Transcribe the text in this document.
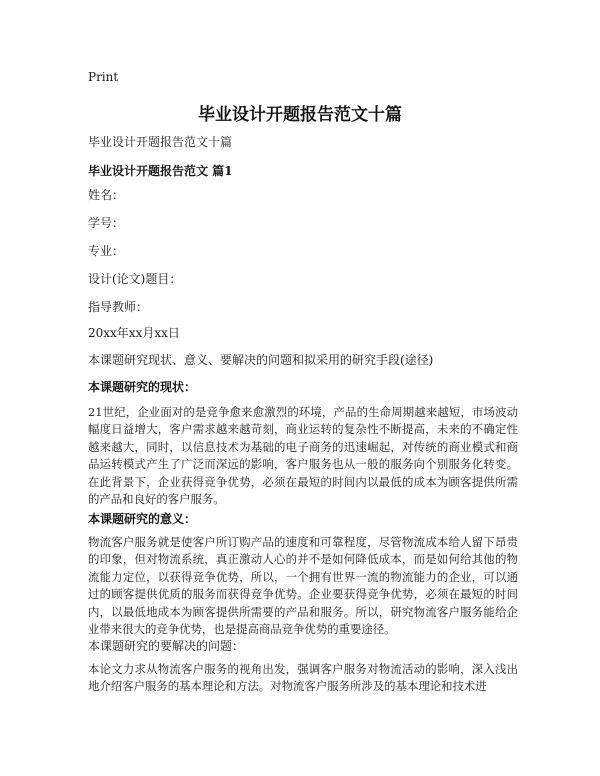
Print
毕业设计开题报告范文十篇
毕业设计开题报告范文十篇
毕业设计开题报告范文 篇1
姓名：
学号：
专业：
设计(论文)题目：
指导教师：
20xx年xx月xx日
本课题研究现状、意义、要解决的问题和拟采用的研究手段(途径)
本课题研究的现状：
21世纪，企业面对的是竞争愈来愈激烈的环境，产品的生命周期越来越短，市场波动幅度日益增大，客户需求越来越苛刻，商业运转的复杂性不断提高，未来的不确定性越来越大，同时，以信息技术为基础的电子商务的迅速崛起，对传统的商业模式和商品运转模式产生了广泛而深远的影响，客户服务也从一般的服务向个别服务化转变。在此背景下，企业获得竞争优势，必须在最短的时间内以最低的成本为顾客提供所需的产品和良好的客户服务。
本课题研究的意义：
物流客户服务就是使客户所订购产品的速度和可靠程度，尽管物流成本给人留下昂贵的印象，但对物流系统，真正激动人心的并不是如何降低成本，而是如何给其他的物流能力定位，以获得竞争优势，所以，一个拥有世界一流的物流能力的企业，可以通过的顾客提供优质的服务而获得竞争优势。企业要获得竞争优势，必须在最短的时间内，以最低地成本为顾客提供所需要的产品和服务。所以，研究物流客户服务能给企业带来很大的竞争优势，也是提高商品竞争优势的重要途径。
本课题研究的要解决的问题：
本论文力求从物流客户服务的视角出发，强调客户服务对物流活动的影响，深入浅出地介绍客户服务的基本理论和方法。对物流客户服务所涉及的基本理论和技术进
